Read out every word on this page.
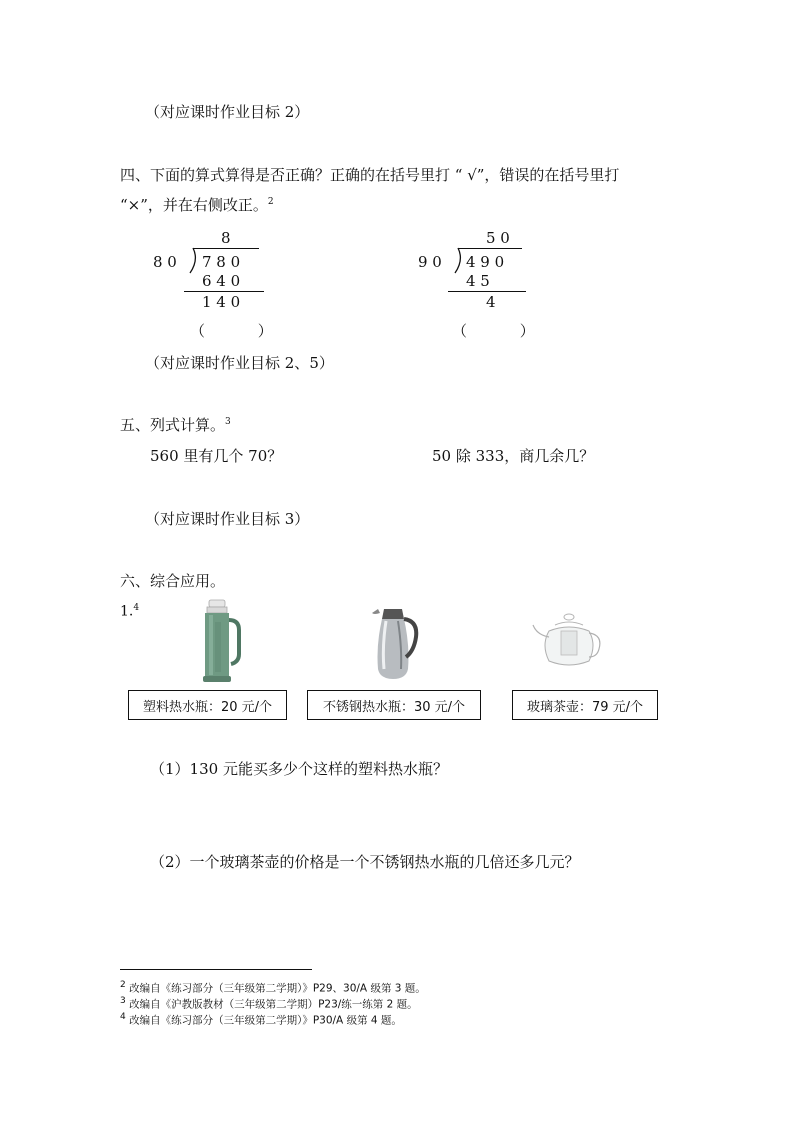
（对应课时作业目标 2）
四、下面的算式算得是否正确？正确的在括号里打 “ √”，错误的在括号里打
“×”，并在右侧改正。$^2$
8
8 0 7 8 0
6 4 0
1 4 0
（ ）
5 0
9 0 4 9 0
4 5
4
（ ）
（对应课时作业目标 2、5）
五、列式计算。$^3$
560 里有几个 70？	50 除 333，商几余几？
（对应课时作业目标 3）
六、综合应用。
1.$^4$
塑料热水瓶：20 元/个	不锈钢热水瓶：30 元/个	玻璃茶壶：79 元/个
（1）130 元能买多少个这样的塑料热水瓶？
（2）一个玻璃茶壶的价格是一个不锈钢热水瓶的几倍还多几元？
2 改编自《练习部分（三年级第二学期）》P29、30/A 级第 3 题。
3 改编自《沪教版教材（三年级第二学期）P23/练一练第 2 题。
4 改编自《练习部分（三年级第二学期）》P30/A 级第 4 题。
